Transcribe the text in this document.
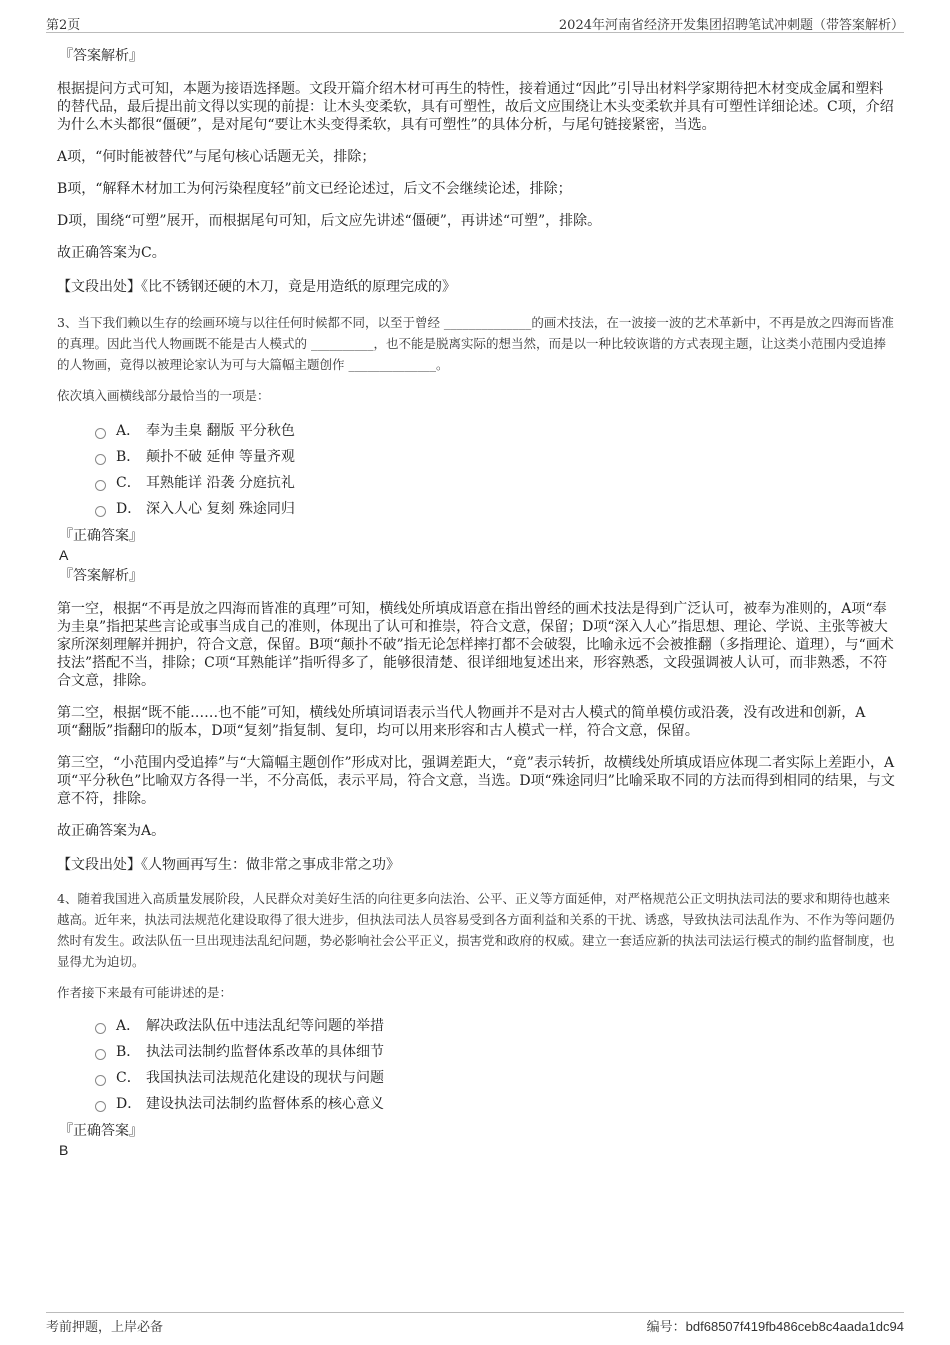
第2页	2024年河南省经济开发集团招聘笔试冲刺题（带答案解析）
『答案解析』

根据提问方式可知，本题为接语选择题。文段开篇介绍木材可再生的特性，接着通过“因此”引导出材料学家期待把木材变成金属和塑料的替代品，最后提出前文得以实现的前提：让木头变柔软，具有可塑性，故后文应围绕让木头变柔软并具有可塑性详细论述。C项，介绍为什么木头都很“僵硬”，是对尾句“要让木头变得柔软，具有可塑性”的具体分析，与尾句链接紧密，当选。

A项，“何时能被替代”与尾句核心话题无关，排除；

B项，“解释木材加工为何污染程度轻”前文已经论述过，后文不会继续论述，排除；

D项，围绕“可塑”展开，而根据尾句可知，后文应先讲述“僵硬”，再讲述“可塑”，排除。

故正确答案为C。

【文段出处】《比不锈钢还硬的木刀，竟是用造纸的原理完成的》

3、当下我们赖以生存的绘画环境与以往任何时候都不同，以至于曾经 ______________的画术技法，在一波接一波的艺术革新中，不再是放之四海而皆准的真理。因此当代人物画既不能是古人模式的 __________，也不能是脱离实际的想当然，而是以一种比较诙谐的方式表现主题，让这类小范围内受追捧的人物画，竟得以被理论家认为可与大篇幅主题创作 ______________。

依次填入画横线部分最恰当的一项是：

A． 奉为圭臬 翻版 平分秋色
B． 颠扑不破 延伸 等量齐观
C． 耳熟能详 沿袭 分庭抗礼
D． 深入人心 复刻 殊途同归
『正确答案』
A
『答案解析』

第一空，根据“不再是放之四海而皆准的真理”可知，横线处所填成语意在指出曾经的画术技法是得到广泛认可，被奉为准则的，A项“奉为圭臬”指把某些言论或事当成自己的准则，体现出了认可和推崇，符合文意，保留；D项“深入人心”指思想、理论、学说、主张等被大家所深刻理解并拥护，符合文意，保留。B项“颠扑不破”指无论怎样摔打都不会破裂，比喻永远不会被推翻（多指理论、道理），与“画术技法”搭配不当，排除；C项“耳熟能详”指听得多了，能够很清楚、很详细地复述出来，形容熟悉，文段强调被人认可，而非熟悉，不符合文意，排除。

第二空，根据“既不能……也不能”可知，横线处所填词语表示当代人物画并不是对古人模式的简单模仿或沿袭，没有改进和创新，A项“翻版”指翻印的版本，D项“复刻”指复制、复印，均可以用来形容和古人模式一样，符合文意，保留。

第三空，“小范围内受追捧”与“大篇幅主题创作”形成对比，强调差距大，“竟”表示转折，故横线处所填成语应体现二者实际上差距小，A项“平分秋色”比喻双方各得一半，不分高低，表示平局，符合文意，当选。D项“殊途同归”比喻采取不同的方法而得到相同的结果，与文意不符，排除。

故正确答案为A。

【文段出处】《人物画再写生：做非常之事成非常之功》

4、随着我国进入高质量发展阶段，人民群众对美好生活的向往更多向法治、公平、正义等方面延伸，对严格规范公正文明执法司法的要求和期待也越来越高。近年来，执法司法规范化建设取得了很大进步，但执法司法人员容易受到各方面利益和关系的干扰、诱惑，导致执法司法乱作为、不作为等问题仍然时有发生。政法队伍一旦出现违法乱纪问题，势必影响社会公平正义，损害党和政府的权威。建立一套适应新的执法司法运行模式的制约监督制度，也显得尤为迫切。

作者接下来最有可能讲述的是：

A． 解决政法队伍中违法乱纪等问题的举措
B． 执法司法制约监督体系改革的具体细节
C． 我国执法司法规范化建设的现状与问题
D． 建设执法司法制约监督体系的核心意义
『正确答案』
B
考前押题，上岸必备	编号：bdf68507f419fb486ceb8c4aada1dc94
